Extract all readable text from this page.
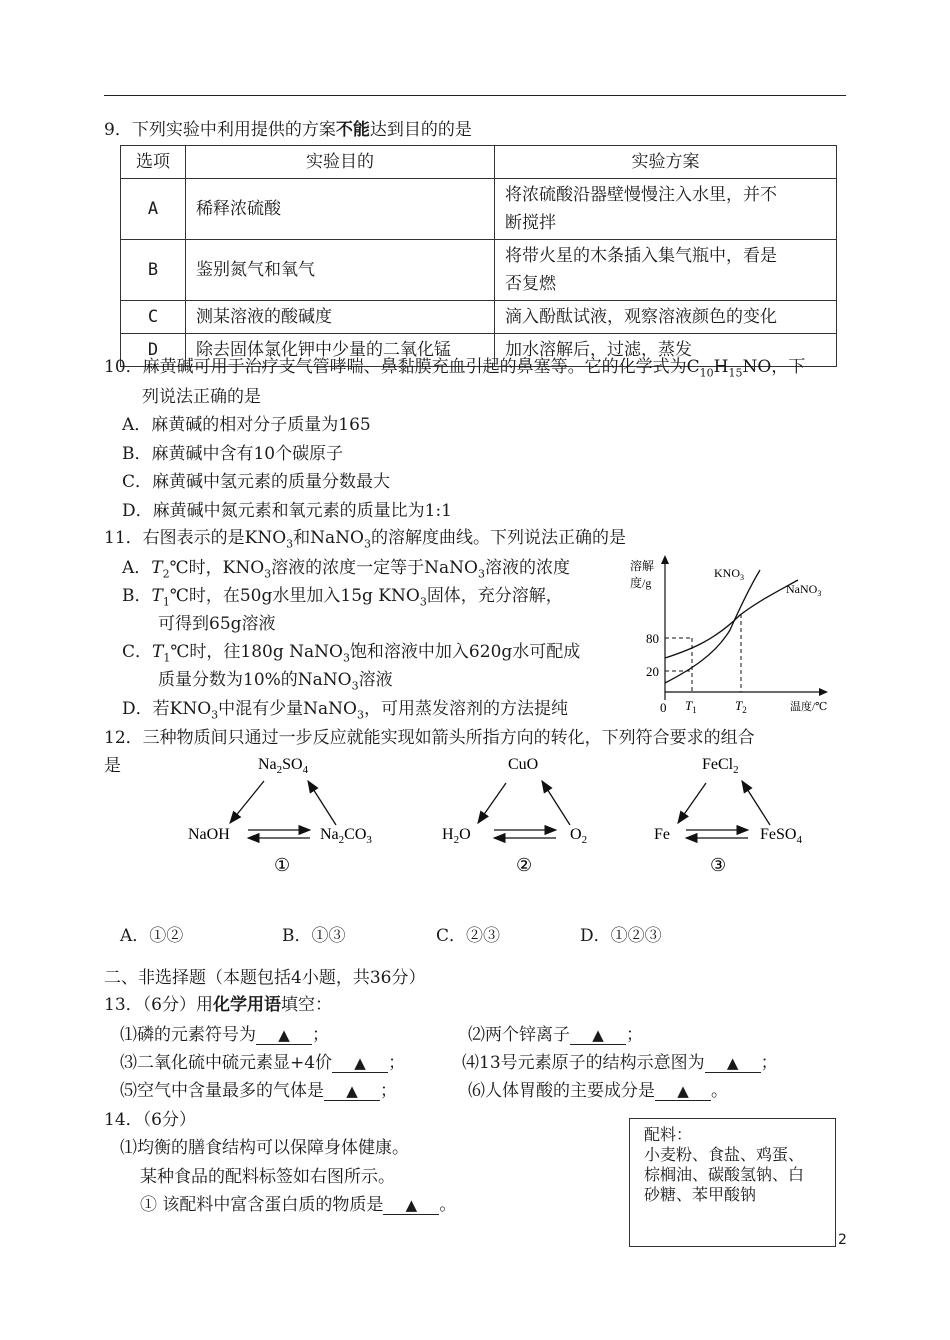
9．下列实验中利用提供的方案不能达到目的的是
选项	实验目的	实验方案
A	稀释浓硫酸	将浓硫酸沿器壁慢慢注入水里，并不
断搅拌

B	鉴别氮气和氧气	将带火星的木条插入集气瓶中，看是
否复燃

C	测某溶液的酸碱度	滴入酚酞试液，观察溶液颜色的变化
D	除去固体氯化钾中少量的二氧化锰	加水溶解后，过滤，蒸发
10．麻黄碱可用于治疗支气管哮喘、鼻黏膜充血引起的鼻塞等。它的化学式为$C_{10}H_{15}NO$，下
列说法正确的是
A．麻黄碱的相对分子质量为165
B．麻黄碱中含有10个碳原子
C．麻黄碱中氢元素的质量分数最大
D．麻黄碱中氮元素和氧元素的质量比为1:1
11．右图表示的是$KNO_3$和NaNO$_3$的溶解度曲线。下列说法正确的是
A．$T_2℃$时，$KNO_3$溶液的浓度一定等于NaNO$_3$溶液的浓度
B．$T_1℃$时，在50g水里加入15g $KNO_3$固体，充分溶解，
可得到65g溶液
C．$T_1℃$时，往180g NaNO$_3$饱和溶液中加入620g水可配成
质量分数为10%的NaNO$_3$溶液
D．若$KNO_3$中混有少量NaNO$_3$，可用蒸发溶剂的方法提纯
溶解
度/g
温度/℃
0
80
20
$KNO_3$
NaNO$_3$
$T_1$	$T_2$
12．三种物质间只通过一步反应就能实现如箭头所指方向的转化，下列符合要求的组合
是	$Na_2SO_4$
NaOH	$Na_2CO_3$
①
CuO
$H_2O$	$O_2$
②
FeCl$_2$
Fe	FeSO$_4$
③
A．①②	B．①③	C．②③	D．①②③
二、非选择题（本题包括4小题，共36分）
13．（6分）用化学用语填空：
⑴磷的元素符号为 ▲ ；	⑵两个锌离子 ▲ ；
⑶二氧化硫中硫元素显+4价 ▲ ；	⑷13号元素原子的结构示意图为 ▲ ；
⑸空气中含量最多的气体是 ▲ ；	⑹人体胃酸的主要成分是 ▲ 。
14．（6分）
⑴均衡的膳食结构可以保障身体健康。
某种食品的配料标签如右图所示。
① 该配料中富含蛋白质的物质是 ▲ 。
配料：
小麦粉、食盐、鸡蛋、
棕榈油、碳酸氢钠、白
砂糖、苯甲酸钠
2
